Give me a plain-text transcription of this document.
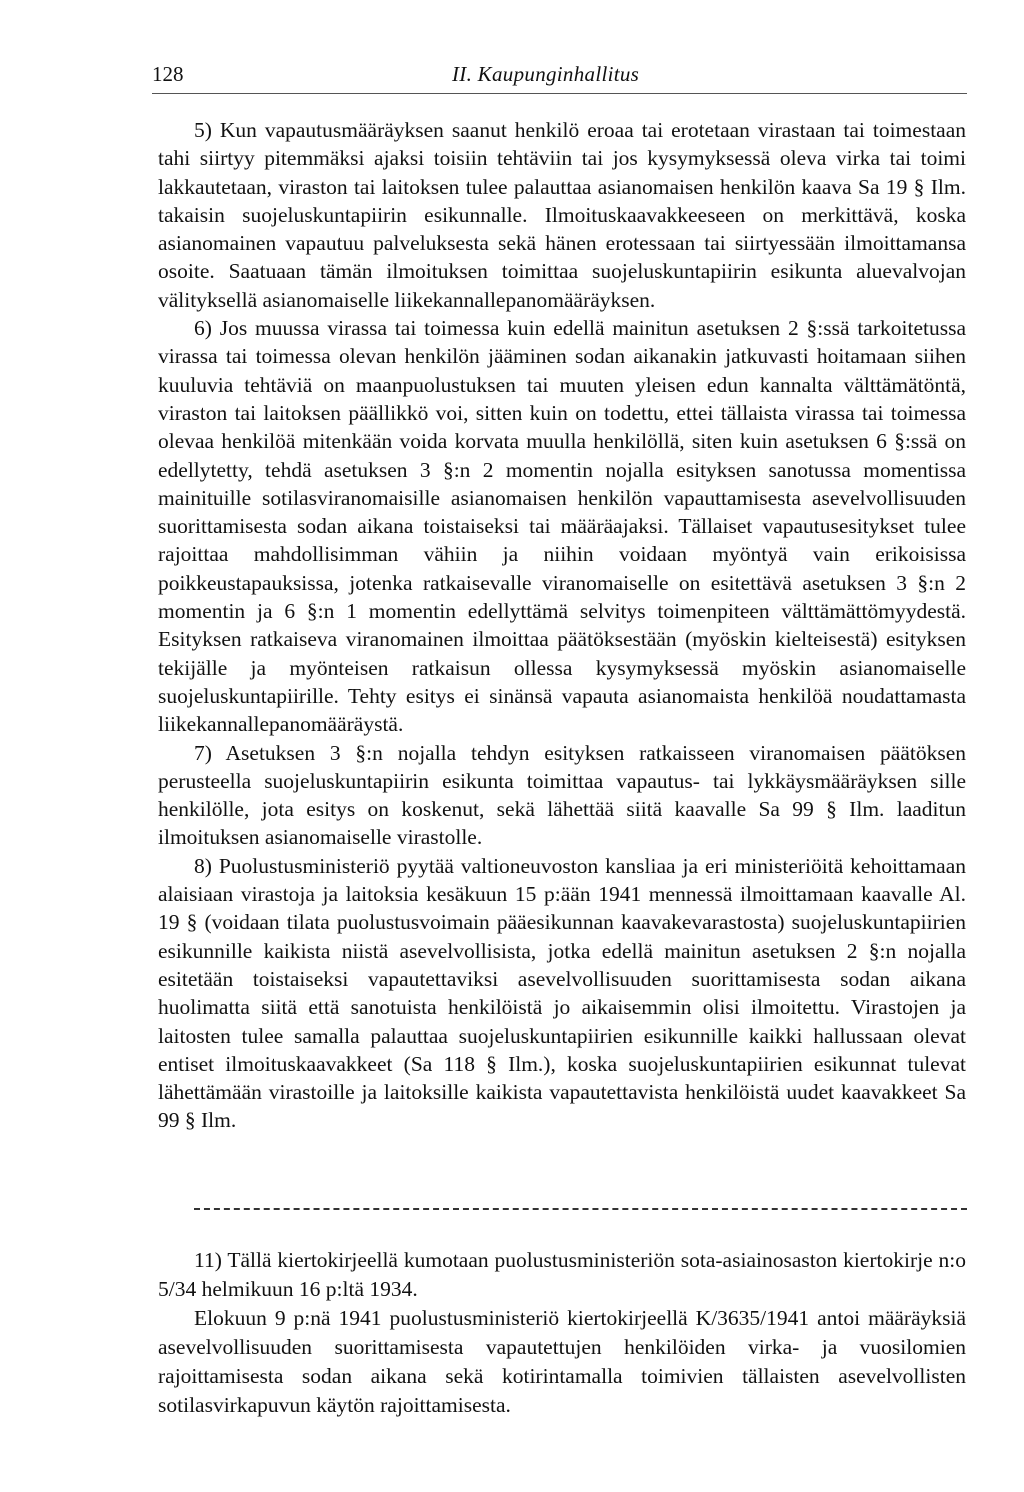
128	II. Kaupunginhallitus

5) Kun vapautusmääräyksen saanut henkilö eroaa tai erotetaan virastaan tai toimestaan tahi siirtyy pitemmäksi ajaksi toisiin tehtäviin tai jos kysymyksessä oleva virka tai toimi lakkautetaan, viraston tai laitoksen tulee palauttaa asianomaisen henkilön kaava Sa 19 § Ilm. takaisin suojeluskuntapiirin esikunnalle. Ilmoituskaavakkeeseen on merkittävä, koska asianomainen vapautuu palveluksesta sekä hänen erotessaan tai siirtyessään ilmoittamansa osoite. Saatuaan tämän ilmoituksen toimittaa suojeluskuntapiirin esikunta aluevalvojan välityksellä asianomaiselle liikekannallepanomääräyksen.

6) Jos muussa virassa tai toimessa kuin edellä mainitun asetuksen 2 §:ssä tarkoitetussa virassa tai toimessa olevan henkilön jääminen sodan aikanakin jatkuvasti hoitamaan siihen kuuluvia tehtäviä on maanpuolustuksen tai muuten yleisen edun kannalta välttämätöntä, viraston tai laitoksen päällikkö voi, sitten kuin on todettu, ettei tällaista virassa tai toimessa olevaa henkilöä mitenkään voida korvata muulla henkilöllä, siten kuin asetuksen 6 §:ssä on edellytetty, tehdä asetuksen 3 §:n 2 momentin nojalla esityksen sanotussa momentissa mainituille sotilasviranomaisille asianomaisen henkilön vapauttamisesta asevelvollisuuden suorittamisesta sodan aikana toistaiseksi tai määräajaksi. Tällaiset vapautusesitykset tulee rajoittaa mahdollisimman vähiin ja niihin voidaan myöntyä vain erikoisissa poikkeustapauksissa, jotenka ratkaisevalle viranomaiselle on esitettävä asetuksen 3 §:n 2 momentin ja 6 §:n 1 momentin edellyttämä selvitys toimenpiteen välttämättömyydestä. Esityksen ratkaiseva viranomainen ilmoittaa päätöksestään (myöskin kielteisestä) esityksen tekijälle ja myönteisen ratkaisun ollessa kysymyksessä myöskin asianomaiselle suojeluskuntapiirille. Tehty esitys ei sinänsä vapauta asianomaista henkilöä noudattamasta liikekannallepanomääräystä.

7) Asetuksen 3 §:n nojalla tehdyn esityksen ratkaisseen viranomaisen päätöksen perusteella suojeluskuntapiirin esikunta toimittaa vapautus- tai lykkäysmääräyksen sille henkilölle, jota esitys on koskenut, sekä lähettää siitä kaavalle Sa 99 § Ilm. laaditun ilmoituksen asianomaiselle virastolle.

8) Puolustusministeriö pyytää valtioneuvoston kansliaa ja eri ministeriöitä kehoittamaan alaisiaan virastoja ja laitoksia kesäkuun 15 p:ään 1941 mennessä ilmoittamaan kaavalle Al. 19 § (voidaan tilata puolustusvoimain pääesikunnan kaavakevarastosta) suojeluskuntapiirien esikunnille kaikista niistä asevelvollisista, jotka edellä mainitun asetuksen 2 §:n nojalla esitetään toistaiseksi vapautettaviksi asevelvollisuuden suorittamisesta sodan aikana huolimatta siitä että sanotuista henkilöistä jo aikaisemmin olisi ilmoitettu. Virastojen ja laitosten tulee samalla palauttaa suojeluskuntapiirien esikunnille kaikki hallussaan olevat entiset ilmoituskaavakkeet (Sa 118 § Ilm.), koska suojeluskuntapiirien esikunnat tulevat lähettämään virastoille ja laitoksille kaikista vapautettavista henkilöistä uudet kaavakkeet Sa 99 § Ilm.

11) Tällä kiertokirjeellä kumotaan puolustusministeriön sota-asiainosaston kiertokirje n:o 5/34 helmikuun 16 p:ltä 1934.

Elokuun 9 p:nä 1941 puolustusministeriö kiertokirjeellä K/3635/1941 antoi määräyksiä asevelvollisuuden suorittamisesta vapautettujen henkilöiden virka- ja vuosilomien rajoittamisesta sodan aikana sekä kotirintamalla toimivien tällaisten asevelvollisten sotilasvirkapuvun käytön rajoittamisesta.
